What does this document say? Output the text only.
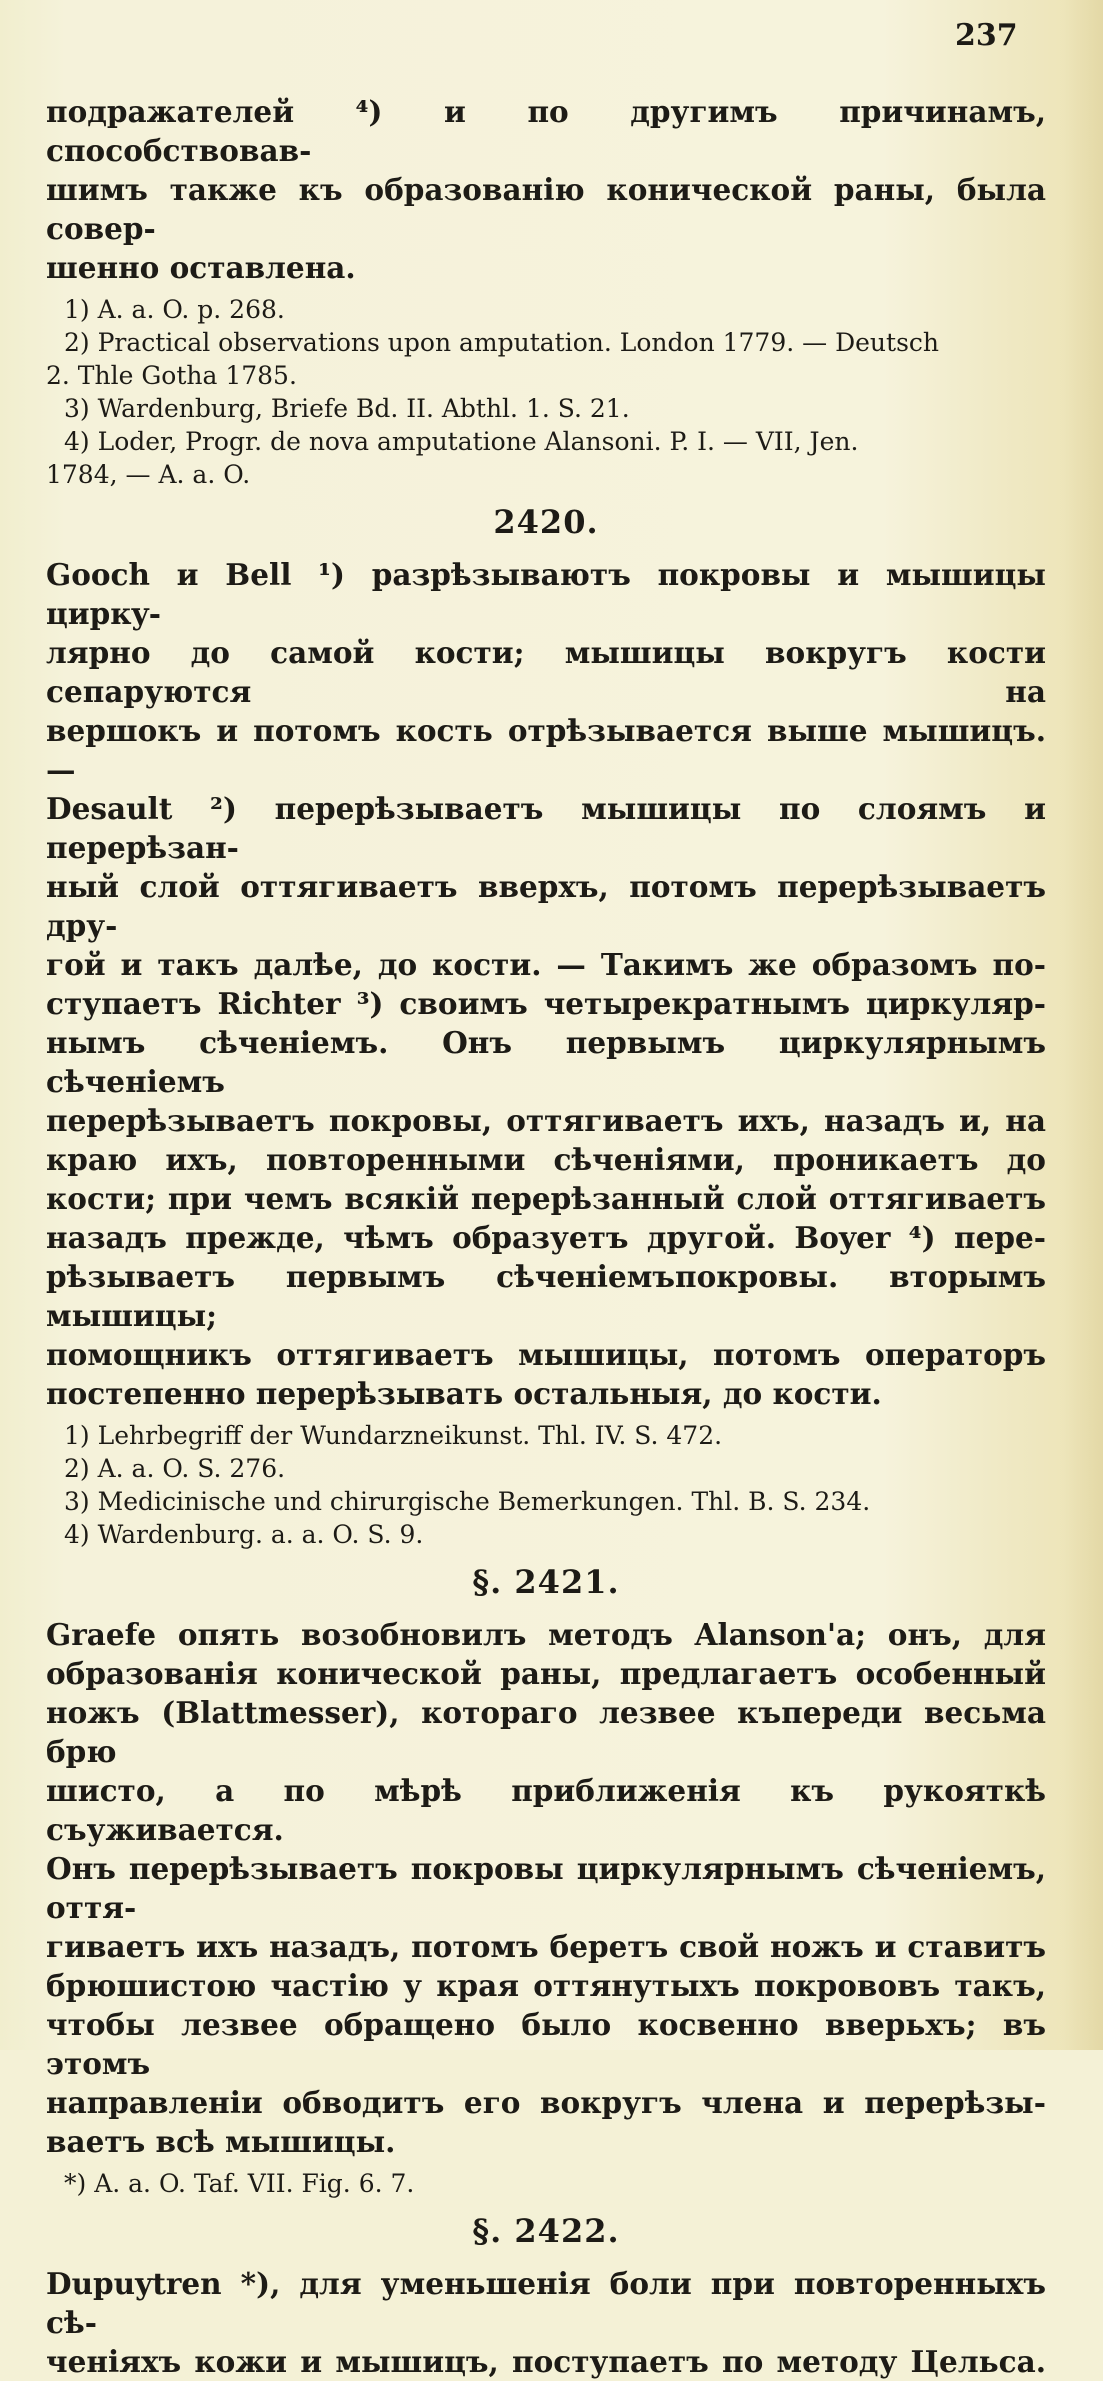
237

подражателей ⁴) и по другимъ причинамъ, способствовав-
шимъ также къ образованiю конической раны, была совер-
шенно оставлена.

1) A. a. O. p. 268.

2) Practical observations upon amputation. London 1779. — Deutsch

2. Thle Gotha 1785.

3) Wardenburg, Briefe Bd. II. Abthl. 1. S. 21.

4) Loder, Progr. de nova amputatione Alansoni. P. I. — VII, Jen.

1784, — A. a. O.

2420.

Gooch и Bell ¹) разрѣзываютъ покровы и мышицы циркy-
лярно до самой кости; мышицы вокругъ кости сепаруются на
вершокъ и потомъ кость отрѣзывается выше мышицъ. —
Desault ²) перерѣзываетъ мышицы по слоямъ и перерѣзан-
ный слой оттягиваетъ вверхъ, потомъ перерѣзываетъ дру-
гой и такъ далѣе, до кости. — Такимъ же образомъ по-
ступаетъ Richter ³) своимъ четырекратнымъ циркуляр-
нымъ сѣченiемъ. Онъ первымъ циркулярнымъ сѣченiемъ
перерѣзываетъ покровы, оттягиваетъ ихъ, назадъ и, на
краю ихъ, повторенными сѣченiями, проникаетъ до
кости; при чемъ всякiй перерѣзанный слой оттягиваетъ
назадъ прежде, чѣмъ образуетъ другой. Boyer ⁴) пере-
рѣзываетъ первымъ сѣченiемъпокровы. вторымъ мышицы;
помощникъ оттягиваетъ мышицы, потомъ операторъ
постепенно перерѣзывать остальныя, до кости.

1) Lehrbegriff der Wundarzneikunst. Thl. IV. S. 472.

2) A. a. O. S. 276.

3) Medicinische und chirurgische Bemerkungen. Thl. B. S. 234.

4) Wardenburg. a. a. O. S. 9.

§. 2421.

Graefe опять возобновилъ методъ Alanson'а; онъ, для
образованiя конической раны, предлагаетъ особенный
ножъ (Blattmesser), котораго лезвее къпереди весьма брю
шисто, а по мѣрѣ приближенiя къ рукояткѣ съуживается.
Онъ перерѣзываетъ покровы циркулярнымъ сѣченiемъ, оття-
гиваетъ ихъ назадъ, потомъ беретъ свой ножъ и ставитъ
брюшистою частiю у края оттянутыхъ покрововъ такъ,
чтобы лезвее обращено было косвенно вверьхъ; въ этомъ
направленiи обводитъ его вокругъ члена и перерѣзы-
ваетъ всѣ мышицы.

*) A. a. O. Taf. VII. Fig. 6. 7.

§. 2422.

Dupuytren *), для уменьшенiя боли при повторенныхъ сѣ-
ченiяхъ кожи и мышицъ, поступаетъ по методу Цельса.
